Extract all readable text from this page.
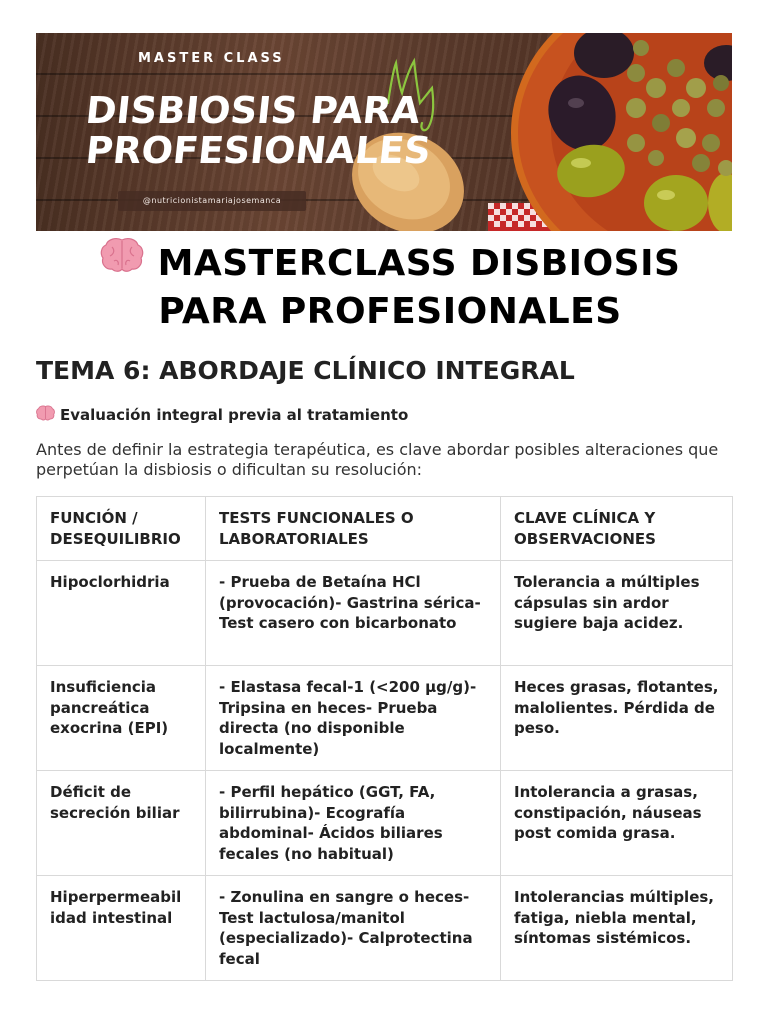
MASTER CLASS
DISBIOSIS PARA
PROFESIONALES
@nutricionistamariajosemanca
MASTERCLASS DISBIOSIS
PARA PROFESIONALES
TEMA 6: ABORDAJE CLÍNICO INTEGRAL
Evaluación integral previa al tratamiento
Antes de definir la estrategia terapéutica, es clave abordar posibles alteraciones que perpetúan la disbiosis o dificultan su resolución:
FUNCIÓN / DESEQUILIBRIO	TESTS FUNCIONALES O LABORATORIALES	CLAVE CLÍNICA Y OBSERVACIONES
Hipoclorhidria	- Prueba de Betaína HCl (provocación)- Gastrina sérica- Test casero con bicarbonato	Tolerancia a múltiples cápsulas sin ardor sugiere baja acidez.
Insuficiencia pancreática exocrina (EPI)	- Elastasa fecal-1 (<200 µg/g)- Tripsina en heces- Prueba directa (no disponible localmente)	Heces grasas, flotantes, malolientes. Pérdida de peso.
Déficit de secreción biliar	- Perfil hepático (GGT, FA, bilirrubina)- Ecografía abdominal- Ácidos biliares fecales (no habitual)	Intolerancia a grasas, constipación, náuseas post comida grasa.
Hiperpermeabil idad intestinal	- Zonulina en sangre o heces- Test lactulosa/manitol (especializado)- Calprotectina fecal	Intolerancias múltiples, fatiga, niebla mental, síntomas sistémicos.
